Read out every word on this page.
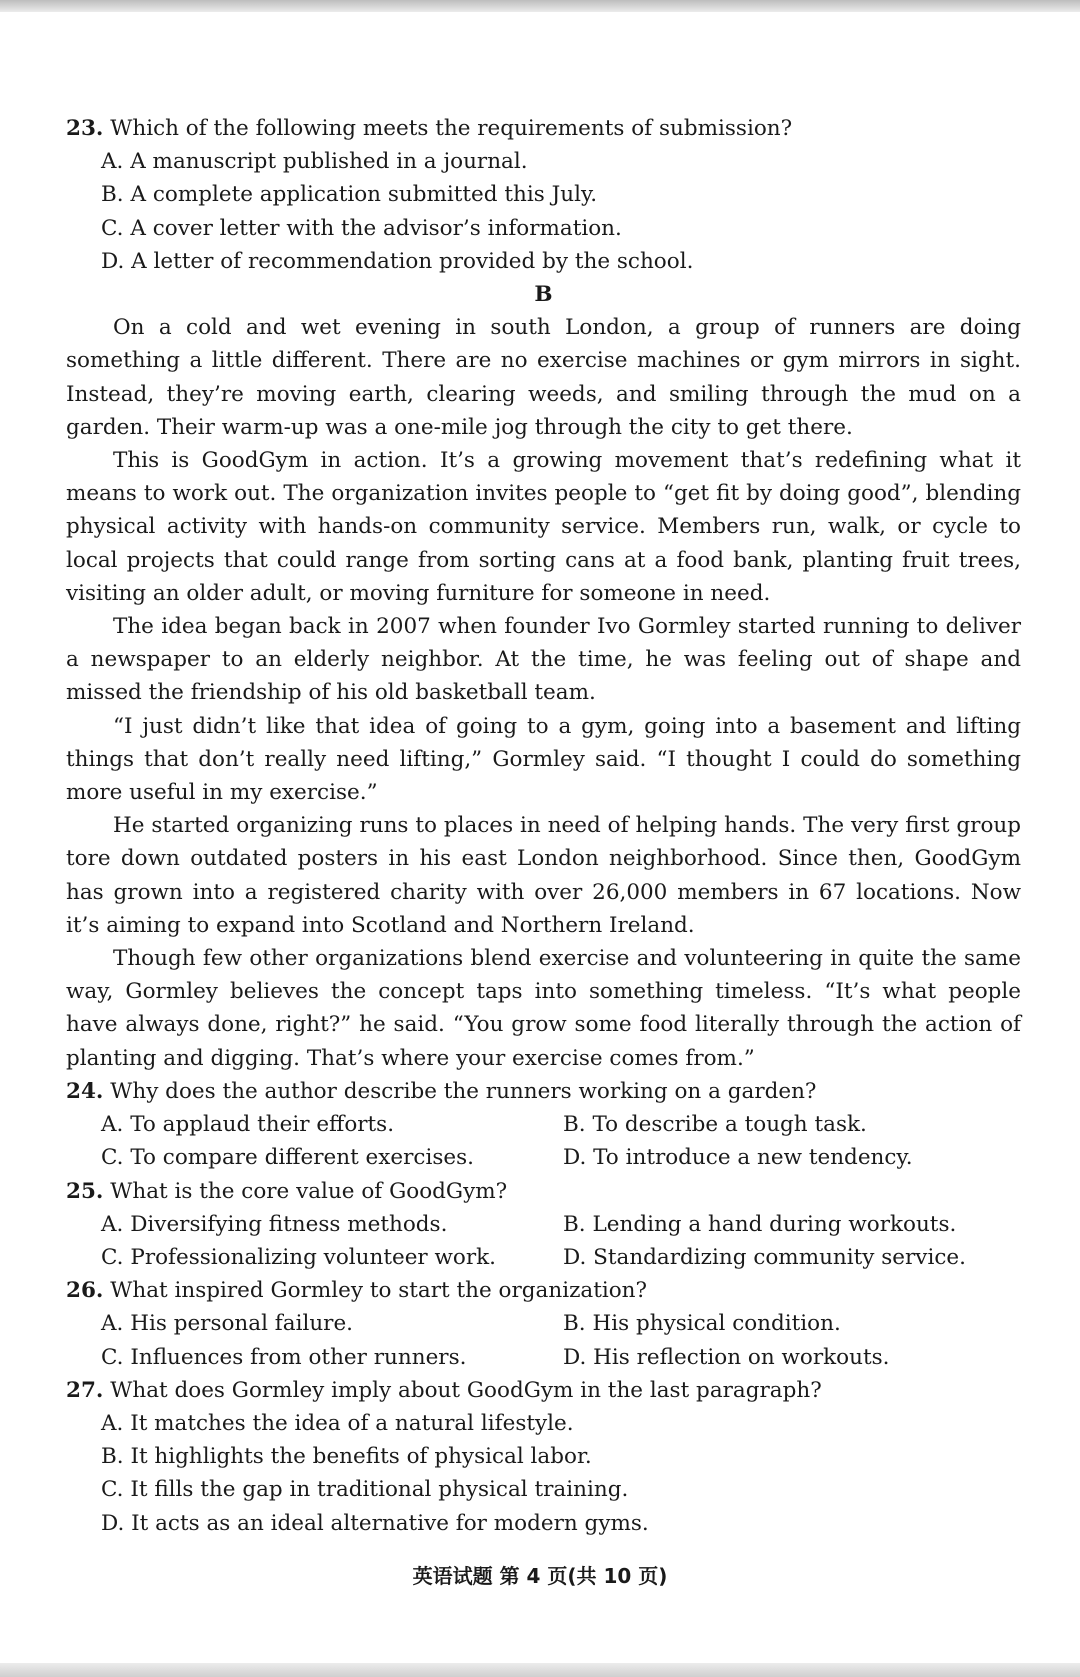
23. Which of the following meets the requirements of submission?

A. A manuscript published in a journal.

B. A complete application submitted this July.

C. A cover letter with the advisor’s information.

D. A letter of recommendation provided by the school.

B

On a cold and wet evening in south London, a group of runners are doing something a little different. There are no exercise machines or gym mirrors in sight. Instead, they’re moving earth, clearing weeds, and smiling through the mud on a garden. Their warm-up was a one-mile jog through the city to get there.

This is GoodGym in action. It’s a growing movement that’s redefining what it means to work out. The organization invites people to “get fit by doing good”, blending physical activity with hands-on community service. Members run, walk, or cycle to local projects that could range from sorting cans at a food bank, planting fruit trees, visiting an older adult, or moving furniture for someone in need.

The idea began back in 2007 when founder Ivo Gormley started running to deliver a newspaper to an elderly neighbor. At the time, he was feeling out of shape and missed the friendship of his old basketball team.

“I just didn’t like that idea of going to a gym, going into a basement and lifting things that don’t really need lifting,” Gormley said. “I thought I could do something more useful in my exercise.”

He started organizing runs to places in need of helping hands. The very first group tore down outdated posters in his east London neighborhood. Since then, GoodGym has grown into a registered charity with over 26,000 members in 67 locations. Now it’s aiming to expand into Scotland and Northern Ireland.

Though few other organizations blend exercise and volunteering in quite the same way, Gormley believes the concept taps into something timeless. “It’s what people have always done, right?” he said. “You grow some food literally through the action of planting and digging. That’s where your exercise comes from.”

24. Why does the author describe the runners working on a garden?

A. To applaud their efforts.	B. To describe a tough task.
C. To compare different exercises.	D. To introduce a new tendency.

25. What is the core value of GoodGym?

A. Diversifying fitness methods.	B. Lending a hand during workouts.
C. Professionalizing volunteer work.	D. Standardizing community service.

26. What inspired Gormley to start the organization?

A. His personal failure.	B. His physical condition.
C. Influences from other runners.	D. His reflection on workouts.

27. What does Gormley imply about GoodGym in the last paragraph?

A. It matches the idea of a natural lifestyle.

B. It highlights the benefits of physical labor.

C. It fills the gap in traditional physical training.

D. It acts as an ideal alternative for modern gyms.

英语试题 第 4 页(共 10 页)
